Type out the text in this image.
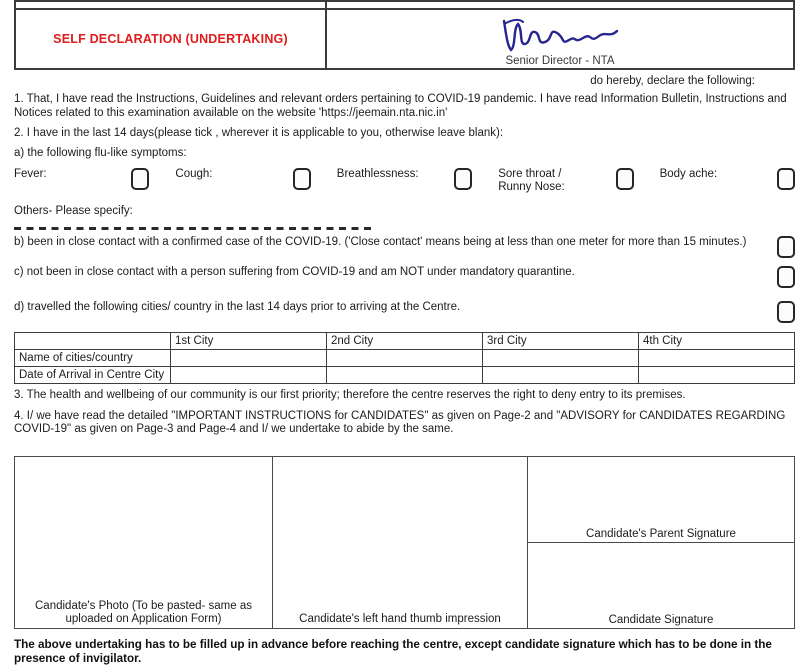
SELF DECLARATION (UNDERTAKING)
Senior Director - NTA
do hereby, declare the following:

1. That, I have read the Instructions, Guidelines and relevant orders pertaining to COVID-19 pandemic. I have read Information Bulletin, Instructions and Notices related to this examination available on the website 'https://jeemain.nta.nic.in'

2. I have in the last 14 days(please tick , wherever it is applicable to you, otherwise leave blank):

a) the following flu-like symptoms:

Fever:	Cough:	Breathlessness:	Sore throat / Runny Nose:
Body ache:
Others- Please specify:
b) been in close contact with a confirmed case of the COVID-19. ('Close contact' means being at less than one meter for more than 15 minutes.)
c) not been in close contact with a person suffering from COVID-19 and am NOT under mandatory quarantine.
d) travelled the following cities/ country in the last 14 days prior to arriving at the Centre.
	1st City	2nd City	3rd City	4th City
Name of cities/country				
Date of Arrival in Centre City				

3. The health and wellbeing of our community is our first priority; therefore the centre reserves the right to deny entry to its premises.

4. I/ we have read the detailed "IMPORTANT INSTRUCTIONS for CANDIDATES" as given on Page-2 and "ADVISORY for CANDIDATES REGARDING COVID-19" as given on Page-3 and Page-4 and I/ we undertake to abide by the same.

Candidate's Photo (To be pasted- same as uploaded on Application Form)	Candidate's left hand thumb impression
Candidate's Parent Signature
Candidate Signature

The above undertaking has to be filled up in advance before reaching the centre, except candidate signature which has to be done in the presence of invigilator.
